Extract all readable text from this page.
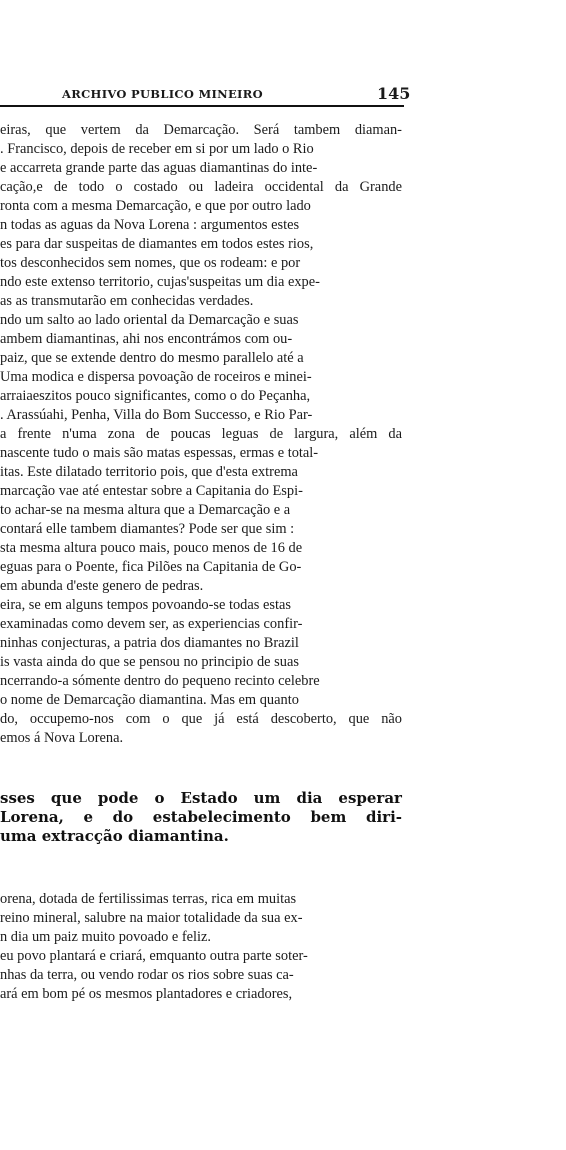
ARCHIVO PUBLICO MINEIRO	145
eiras, que vertem da Demarcação. Será tambem diaman-
. Francisco, depois de receber em si por um lado o Rio
e accarreta grande parte das aguas diamantinas do inte-
cação,e de todo o costado ou ladeira occidental da Grande
ronta com a mesma Demarcação, e que por outro lado
n todas as aguas da Nova Lorena : argumentos estes
es para dar suspeitas de diamantes em todos estes rios,
tos desconhecidos sem nomes, que os rodeam: e por
ndo este extenso territorio, cujas'suspeitas um dia expe-
as as transmutarão em conhecidas verdades.
ndo um salto ao lado oriental da Demarcação e suas
ambem diamantinas, ahi nos encontrámos com ou-
paiz, que se extende dentro do mesmo parallelo até a
Uma modica e dispersa povoação de roceiros e minei-
arraiaeszitos pouco significantes, como o do Peçanha,
. Arassúahi, Penha, Villa do Bom Successo, e Rio Par-
a frente n'uma zona de poucas leguas de largura, além da
nascente tudo o mais são matas espessas, ermas e total-
itas. Este dilatado territorio pois, que d'esta extrema
marcação vae até entestar sobre a Capitania do Espi-
to achar-se na mesma altura que a Demarcação e a
contará elle tambem diamantes? Pode ser que sim :
sta mesma altura pouco mais, pouco menos de 16 de
eguas para o Poente, fica Pilões na Capitania de Go-
em abunda d'este genero de pedras.
eira, se em alguns tempos povoando-se todas estas
examinadas como devem ser, as experiencias confir-
ninhas conjecturas, a patria dos diamantes no Brazil
is vasta ainda do que se pensou no principio de suas
ncerrando-a sómente dentro do pequeno recinto celebre
o nome de Demarcação diamantina. Mas em quanto
do, occupemo-nos com o que já está descoberto, que não
emos á Nova Lorena.
sses que pode o Estado um dia esperar
Lorena, e do estabelecimento bem diri-
uma extracção diamantina.
orena, dotada de fertilissimas terras, rica em muitas
reino mineral, salubre na maior totalidade da sua ex-
n dia um paiz muito povoado e feliz.
eu povo plantará e criará, emquanto outra parte soter-
nhas da terra, ou vendo rodar os rios sobre suas ca-
ará em bom pé os mesmos plantadores e criadores,
